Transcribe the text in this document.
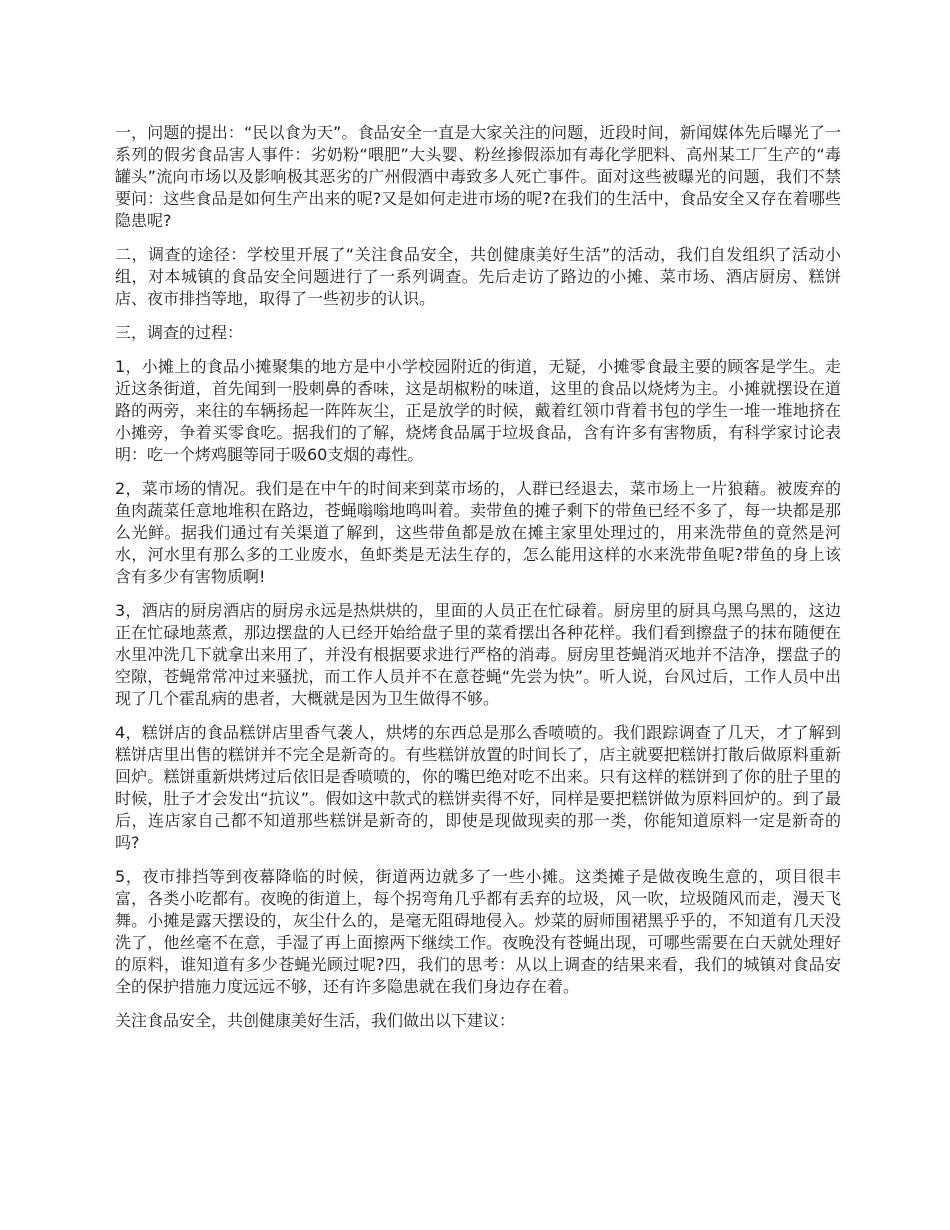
一，问题的提出：“民以食为天”。食品安全一直是大家关注的问题，近段时间，新闻媒体先后曝光了一系列的假劣食品害人事件：劣奶粉“喂肥”大头婴、粉丝掺假添加有毒化学肥料、高州某工厂生产的“毒罐头”流向市场以及影响极其恶劣的广州假酒中毒致多人死亡事件。面对这些被曝光的问题，我们不禁要问：这些食品是如何生产出来的呢?又是如何走进市场的呢?在我们的生活中，食品安全又存在着哪些隐患呢?

二，调查的途径：学校里开展了“关注食品安全，共创健康美好生活”的活动，我们自发组织了活动小组，对本城镇的食品安全问题进行了一系列调查。先后走访了路边的小摊、菜市场、酒店厨房、糕饼店、夜市排挡等地，取得了一些初步的认识。

三，调查的过程：

1，小摊上的食品小摊聚集的地方是中小学校园附近的街道，无疑，小摊零食最主要的顾客是学生。走近这条街道，首先闻到一股刺鼻的香味，这是胡椒粉的味道，这里的食品以烧烤为主。小摊就摆设在道路的两旁，来往的车辆扬起一阵阵灰尘，正是放学的时候，戴着红领巾背着书包的学生一堆一堆地挤在小摊旁，争着买零食吃。据我们的了解，烧烤食品属于垃圾食品，含有许多有害物质，有科学家讨论表明：吃一个烤鸡腿等同于吸60支烟的毒性。

2，菜市场的情况。我们是在中午的时间来到菜市场的，人群已经退去，菜市场上一片狼藉。被废弃的鱼肉蔬菜任意地堆积在路边，苍蝇嗡嗡地鸣叫着。卖带鱼的摊子剩下的带鱼已经不多了，每一块都是那么光鲜。据我们通过有关渠道了解到，这些带鱼都是放在摊主家里处理过的，用来洗带鱼的竟然是河水，河水里有那么多的工业废水，鱼虾类是无法生存的，怎么能用这样的水来洗带鱼呢?带鱼的身上该含有多少有害物质啊!

3，酒店的厨房酒店的厨房永远是热烘烘的，里面的人员正在忙碌着。厨房里的厨具乌黑乌黑的，这边正在忙碌地蒸煮，那边摆盘的人已经开始给盘子里的菜肴摆出各种花样。我们看到擦盘子的抹布随便在水里冲洗几下就拿出来用了，并没有根据要求进行严格的消毒。厨房里苍蝇消灭地并不洁净，摆盘子的空隙，苍蝇常常冲过来骚扰，而工作人员并不在意苍蝇“先尝为快”。听人说，台风过后，工作人员中出现了几个霍乱病的患者，大概就是因为卫生做得不够。

4，糕饼店的食品糕饼店里香气袭人，烘烤的东西总是那么香喷喷的。我们跟踪调查了几天，才了解到糕饼店里出售的糕饼并不完全是新奇的。有些糕饼放置的时间长了，店主就要把糕饼打散后做原料重新回炉。糕饼重新烘烤过后依旧是香喷喷的，你的嘴巴绝对吃不出来。只有这样的糕饼到了你的肚子里的时候，肚子才会发出“抗议”。假如这中款式的糕饼卖得不好，同样是要把糕饼做为原料回炉的。到了最后，连店家自己都不知道那些糕饼是新奇的，即使是现做现卖的那一类，你能知道原料一定是新奇的吗?

5，夜市排挡等到夜幕降临的时候，街道两边就多了一些小摊。这类摊子是做夜晚生意的，项目很丰富，各类小吃都有。夜晚的街道上，每个拐弯角几乎都有丢弃的垃圾，风一吹，垃圾随风而走，漫天飞舞。小摊是露天摆设的，灰尘什么的，是毫无阻碍地侵入。炒菜的厨师围裙黑乎乎的，不知道有几天没洗了，他丝毫不在意，手湿了再上面擦两下继续工作。夜晚没有苍蝇出现，可哪些需要在白天就处理好的原料，谁知道有多少苍蝇光顾过呢?四，我们的思考：从以上调查的结果来看，我们的城镇对食品安全的保护措施力度远远不够，还有许多隐患就在我们身边存在着。

关注食品安全，共创健康美好生活，我们做出以下建议：
